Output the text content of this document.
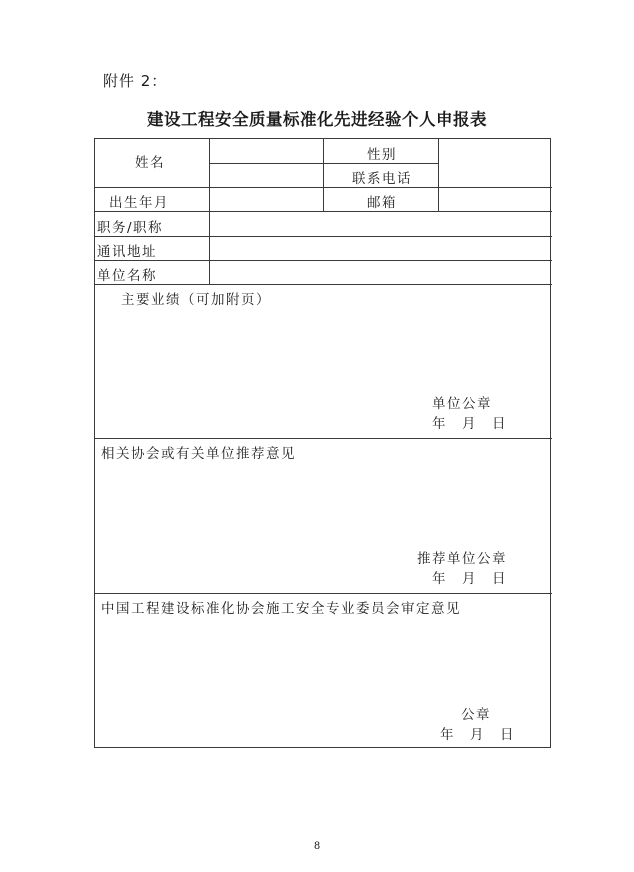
附件 2：
建设工程安全质量标准化先进经验个人申报表
姓名	性别
联系电话
出生年月	邮箱
职务/职称
通讯地址
单位名称
主要业绩（可加附页）
单位公章
年　月　日
相关协会或有关单位推荐意见
推荐单位公章
年　月　日
中国工程建设标准化协会施工安全专业委员会审定意见
公章
年　月　日
8
